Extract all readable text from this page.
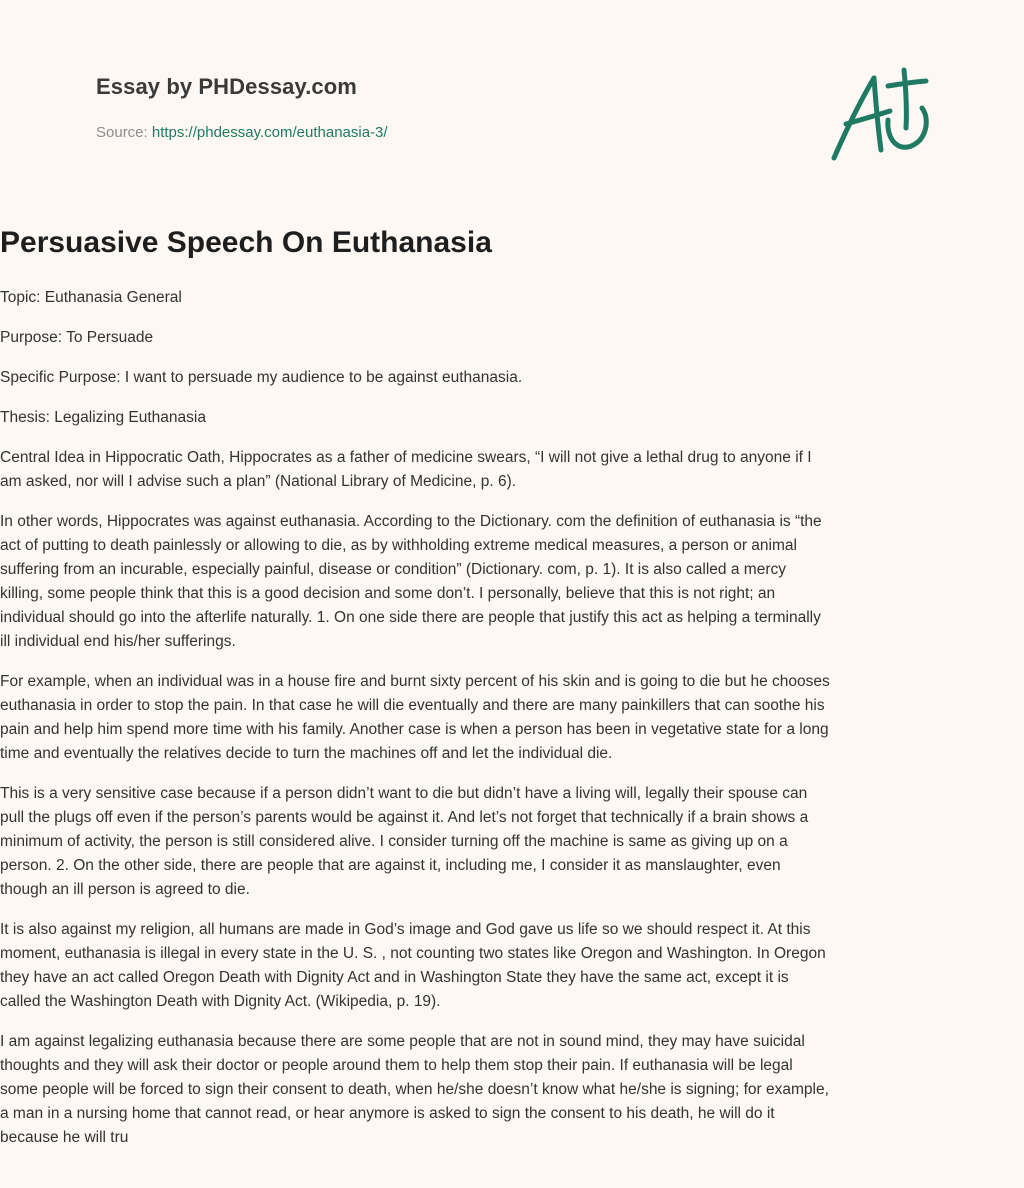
Essay by PHDessay.com
Source: https://phdessay.com/euthanasia-3/
Persuasive Speech On Euthanasia

Topic: Euthanasia General

Purpose: To Persuade

Specific Purpose: I want to persuade my audience to be against euthanasia.

Thesis: Legalizing Euthanasia

Central Idea in Hippocratic Oath, Hippocrates as a father of medicine swears, “I will not give a lethal drug to anyone if I am asked, nor will I advise such a plan” (National Library of Medicine, p. 6).

In other words, Hippocrates was against euthanasia. According to the Dictionary. com the definition of euthanasia is “the act of putting to death painlessly or allowing to die, as by withholding extreme medical measures, a person or animal suffering from an incurable, especially painful, disease or condition” (Dictionary. com, p. 1). It is also called a mercy killing, some people think that this is a good decision and some don’t. I personally, believe that this is not right; an individual should go into the afterlife naturally. 1. On one side there are people that justify this act as helping a terminally ill individual end his/her sufferings.

For example, when an individual was in a house fire and burnt sixty percent of his skin and is going to die but he chooses euthanasia in order to stop the pain. In that case he will die eventually and there are many painkillers that can soothe his pain and help him spend more time with his family. Another case is when a person has been in vegetative state for a long time and eventually the relatives decide to turn the machines off and let the individual die.

This is a very sensitive case because if a person didn’t want to die but didn’t have a living will, legally their spouse can pull the plugs off even if the person’s parents would be against it. And let’s not forget that technically if a brain shows a minimum of activity, the person is still considered alive. I consider turning off the machine is same as giving up on a person. 2. On the other side, there are people that are against it, including me, I consider it as manslaughter, even though an ill person is agreed to die.

It is also against my religion, all humans are made in God’s image and God gave us life so we should respect it. At this moment, euthanasia is illegal in every state in the U. S. , not counting two states like Oregon and Washington. In Oregon they have an act called Oregon Death with Dignity Act and in Washington State they have the same act, except it is called the Washington Death with Dignity Act. (Wikipedia, p. 19).

I am against legalizing euthanasia because there are some people that are not in sound mind, they may have suicidal thoughts and they will ask their doctor or people around them to help them stop their pain. If euthanasia will be legal some people will be forced to sign their consent to death, when he/she doesn’t know what he/she is signing; for example, a man in a nursing home that cannot read, or hear anymore is asked to sign the consent to his death, he will do it because he will tru
